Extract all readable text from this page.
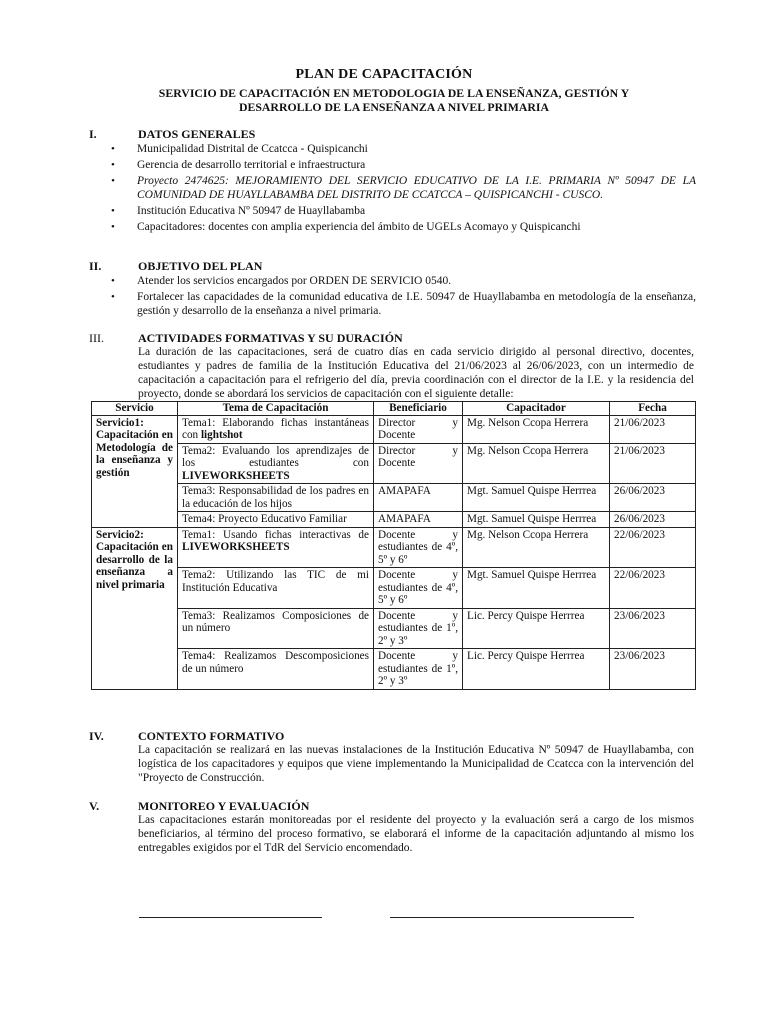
PLAN DE CAPACITACIÓN
SERVICIO DE CAPACITACIÓN EN METODOLOGIA DE LA ENSEÑANZA, GESTIÓN Y
DESARROLLO DE LA ENSEÑANZA A NIVEL PRIMARIA
I.	DATOS GENERALES
• Municipalidad Distrital de Ccatcca - Quispicanchi
• Gerencia de desarrollo territorial e infraestructura
• Proyecto 2474625: MEJORAMIENTO DEL SERVICIO EDUCATIVO DE LA I.E. PRIMARIA Nº 50947 DE LA COMUNIDAD DE HUAYLLABAMBA DEL DISTRITO DE CCATCCA – QUISPICANCHI - CUSCO.
• Institución Educativa Nº 50947 de Huayllabamba
• Capacitadores: docentes con amplia experiencia del ámbito de UGELs Acomayo y Quispicanchi
II.	OBJETIVO DEL PLAN
• Atender los servicios encargados por ORDEN DE SERVICIO 0540.
• Fortalecer las capacidades de la comunidad educativa de I.E. 50947 de Huayllabamba en metodología de la enseñanza, gestión y desarrollo de la enseñanza a nivel primaria.
III.	ACTIVIDADES FORMATIVAS Y SU DURACIÓN
La duración de las capacitaciones, será de cuatro días en cada servicio dirigido al personal directivo, docentes, estudiantes y padres de familia de la Institución Educativa del 21/06/2023 al 26/06/2023, con un intermedio de capacitación a capacitación para el refrigerio del día, previa coordinación con el director de la I.E. y la residencia del proyecto, donde se abordará los servicios de capacitación con el siguiente detalle:
Servicio	Tema de Capacitación	Beneficiario	Capacitador	Fecha
Servicio1: Capacitación en Metodología de la enseñanza y gestión	Tema1: Elaborando fichas instantáneas con lightshot	Director y Docente	Mg. Nelson Ccopa Herrera	21/06/2023
	Tema2: Evaluando los aprendizajes de los estudiantes con LIVEWORKSHEETS	Director y Docente	Mg. Nelson Ccopa Herrera	21/06/2023
	Tema3: Responsabilidad de los padres en la educación de los hijos	AMAPAFA	Mgt. Samuel Quispe Herrrea	26/06/2023
	Tema4: Proyecto Educativo Familiar	AMAPAFA	Mgt. Samuel Quispe Herrrea	26/06/2023
Servicio2: Capacitación en desarrollo de la enseñanza a nivel primaria	Tema1: Usando fichas interactivas de LIVEWORKSHEETS	Docente y estudiantes de 4º, 5º y 6º	Mg. Nelson Ccopa Herrera	22/06/2023
	Tema2: Utilizando las TIC de mi Institución Educativa	Docente y estudiantes de 4º, 5º y 6º	Mgt. Samuel Quispe Herrrea	22/06/2023
	Tema3: Realizamos Composiciones de un número	Docente y estudiantes de 1º, 2º y 3º	Lic. Percy Quispe Herrrea	23/06/2023
	Tema4: Realizamos Descomposiciones de un número	Docente y estudiantes de 1º, 2º y 3º	Lic. Percy Quispe Herrrea	23/06/2023
IV.	CONTEXTO FORMATIVO
La capacitación se realizará en las nuevas instalaciones de la Institución Educativa Nº 50947 de Huayllabamba, con logística de los capacitadores y equipos que viene implementando la Municipalidad de Ccatcca con la intervención del "Proyecto de Construcción.
V.	MONITOREO Y EVALUACIÓN
Las capacitaciones estarán monitoreadas por el residente del proyecto y la evaluación será a cargo de los mismos beneficiarios, al término del proceso formativo, se elaborará el informe de la capacitación adjuntando al mismo los entregables exigidos por el TdR del Servicio encomendado.
